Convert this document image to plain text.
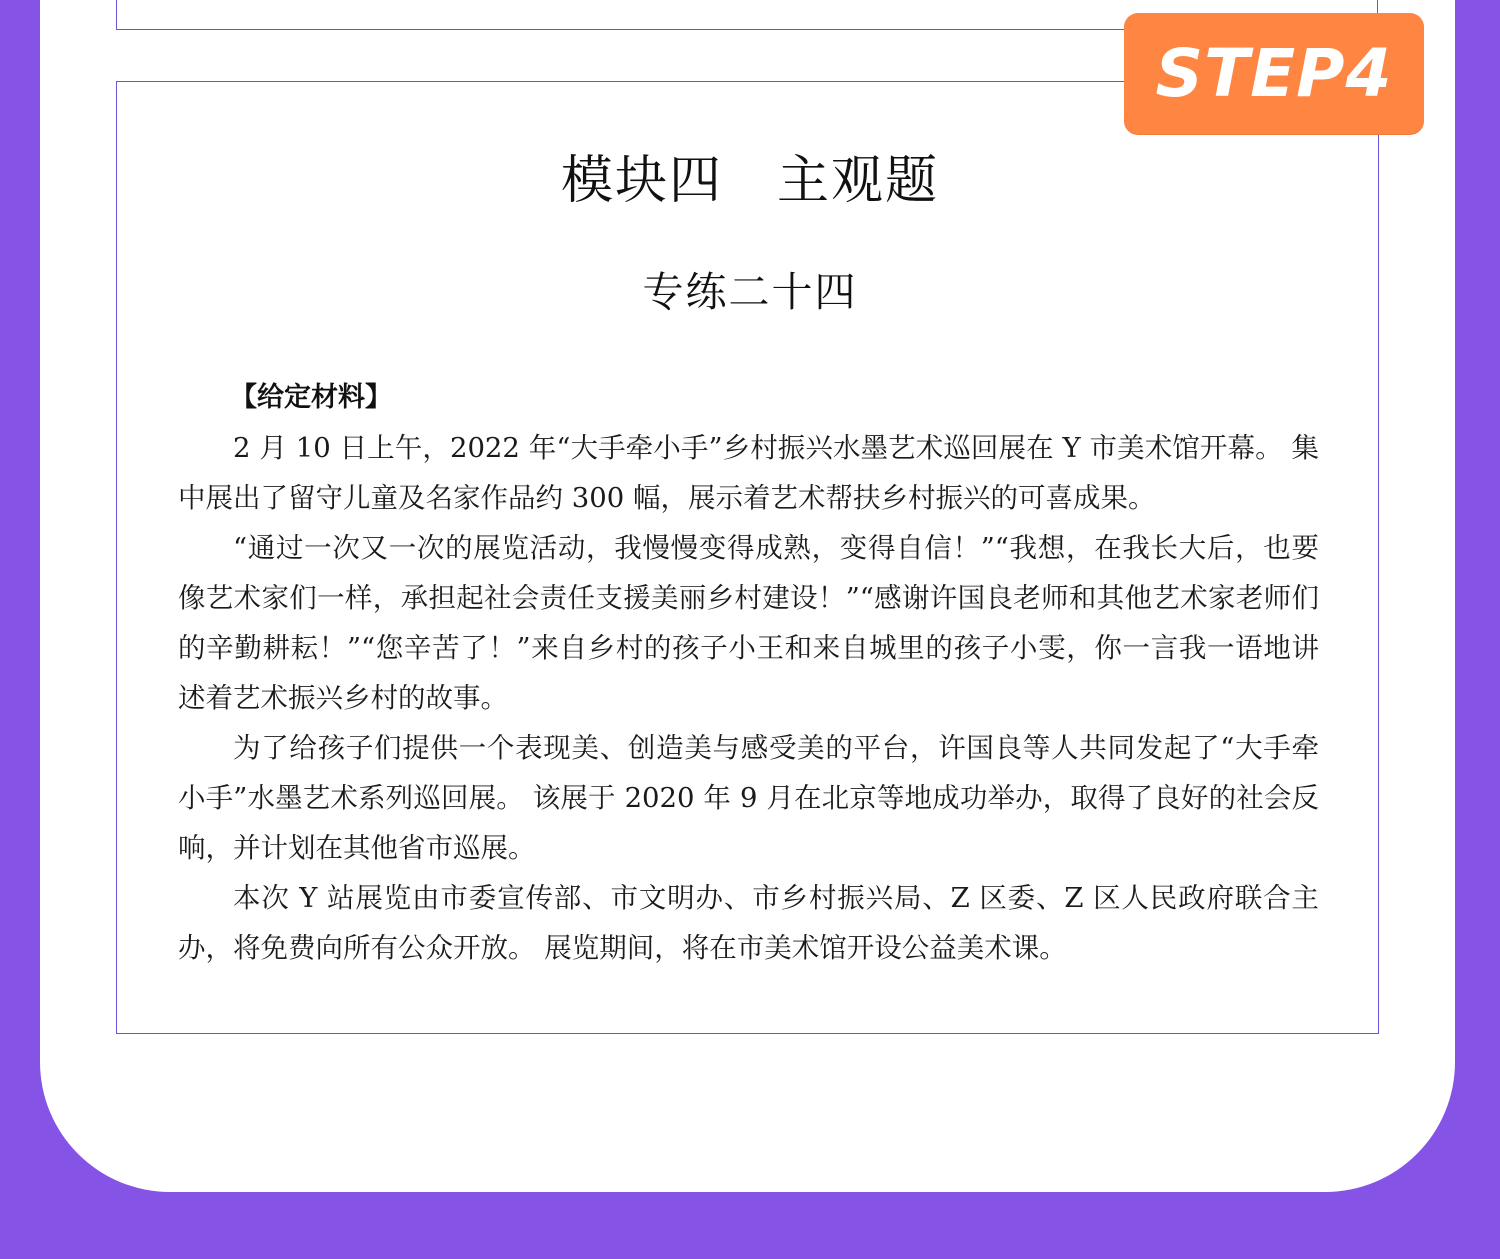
STEP4
模块四　主观题
专练二十四
【给定材料】

2 月 10 日上午，2022 年“大手牵小手”乡村振兴水墨艺术巡回展在 Y 市美术馆开幕。 集中展出了留守儿童及名家作品约 300 幅，展示着艺术帮扶乡村振兴的可喜成果。

“通过一次又一次的展览活动，我慢慢变得成熟，变得自信！”“我想，在我长大后，也要像艺术家们一样，承担起社会责任支援美丽乡村建设！”“感谢许国良老师和其他艺术家老师们的辛勤耕耘！”“您辛苦了！”来自乡村的孩子小王和来自城里的孩子小雯，你一言我一语地讲述着艺术振兴乡村的故事。

为了给孩子们提供一个表现美、创造美与感受美的平台，许国良等人共同发起了“大手牵小手”水墨艺术系列巡回展。 该展于 2020 年 9 月在北京等地成功举办，取得了良好的社会反响，并计划在其他省市巡展。

本次 Y 站展览由市委宣传部、市文明办、市乡村振兴局、Z 区委、Z 区人民政府联合主办，将免费向所有公众开放。 展览期间，将在市美术馆开设公益美术课。
